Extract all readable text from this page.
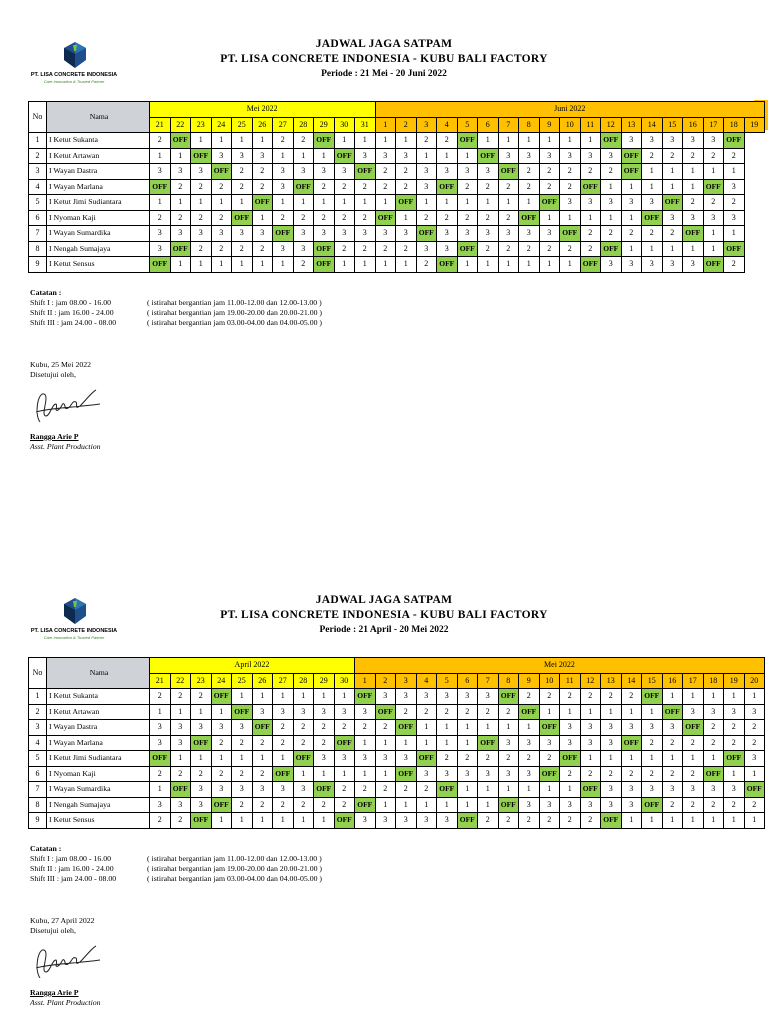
PT. LISA CONCRETE INDONESIA
Care Innovation & Trusted Partner
JADWAL JAGA SATPAM
PT. LISA CONCRETE INDONESIA - KUBU BALI FACTORY
Periode : 21 Mei - 20 Juni 2022
No	Nama	Mei 2022											Juni 2022																		
		21	22	23	24	25	26	27	28	29	30	31	1	2	3	4	5	6	7	8	9	10	11	12	13	14	15	16	17	18	19
1	I Ketut Sukanta	2	OFF	1	1	1	1	2	2	OFF	1	1	1	1	2	2	OFF	1	1	1	1	1	1	OFF	3	3	3	3	3	OFF	
2	I Ketut Artawan	1	1	OFF	3	3	3	1	1	1	OFF	3	3	3	1	1	1	OFF	3	3	3	3	3	3	OFF	2	2	2	2	2	
3	I Wayan Dastra	3	3	3	OFF	2	2	3	3	3	3	OFF	2	2	3	3	3	3	OFF	2	2	2	2	2	OFF	1	1	1	1	1	
4	I Wayan Marlana	OFF	2	2	2	2	2	3	OFF	2	2	2	2	2	3	OFF	2	2	2	2	2	2	OFF	1	1	1	1	1	OFF	3	
5	I Ketut Jimi Sudiantara	1	1	1	1	1	OFF	1	1	1	1	1	1	OFF	1	1	1	1	1	1	OFF	3	3	3	3	3	OFF	2	2	2	
6	I Nyoman Kaji	2	2	2	2	OFF	1	2	2	2	2	2	OFF	1	2	2	2	2	2	OFF	1	1	1	1	1	OFF	3	3	3	3	
7	I Wayan Sumardika	3	3	3	3	3	3	OFF	3	3	3	3	3	3	OFF	3	3	3	3	3	3	OFF	2	2	2	2	2	OFF	1	1	
8	I Nengah Sumajaya	3	OFF	2	2	2	2	3	3	OFF	2	2	2	2	3	3	OFF	2	2	2	2	2	2	OFF	1	1	1	1	1	OFF	
9	I Ketut Sensus	OFF	1	1	1	1	1	1	2	OFF	1	1	1	1	2	OFF	1	1	1	1	1	1	OFF	3	3	3	3	3	OFF	2	
Catatan :
Shift I : jam 08.00 - 16.00	( istirahat bergantian jam 11.00-12.00 dan 12.00-13.00 )
Shift II : jam 16.00 - 24.00	( istirahat bergantian jam 19.00-20.00 dan 20.00-21.00 )
Shift III : jam 24.00 - 08.00	( istirahat bergantian jam 03.00-04.00 dan 04.00-05.00 )
Kubu, 25 Mei 2022
Disetujui oleh,
Rangga Arie P
Asst. Plant Production
PT. LISA CONCRETE INDONESIA
Care Innovation & Trusted Partner
JADWAL JAGA SATPAM
PT. LISA CONCRETE INDONESIA - KUBU BALI FACTORY
Periode : 21 April - 20 Mei 2022
No	Nama	April 2022										Mei 2022																			
		21	22	23	24	25	26	27	28	29	30	1	2	3	4	5	6	7	8	9	10	11	12	13	14	15	16	17	18	19	20
1	I Ketut Sukanta	2	2	2	OFF	1	1	1	1	1	1	OFF	3	3	3	3	3	3	OFF	2	2	2	2	2	2	OFF	1	1	1	1	1
2	I Ketut Artawan	1	1	1	1	OFF	3	3	3	3	3	3	OFF	2	2	2	2	2	2	OFF	1	1	1	1	1	1	OFF	3	3	3	3
3	I Wayan Dastra	3	3	3	3	3	OFF	2	2	2	2	2	2	OFF	1	1	1	1	1	1	OFF	3	3	3	3	3	3	OFF	2	2	2
4	I Wayan Marlana	3	3	OFF	2	2	2	2	2	2	OFF	1	1	1	1	1	1	OFF	3	3	3	3	3	3	OFF	2	2	2	2	2	2
5	I Ketut Jimi Sudiantara	OFF	1	1	1	1	1	1	OFF	3	3	3	3	3	OFF	2	2	2	2	2	2	OFF	1	1	1	1	1	1	1	OFF	3
6	I Nyoman Kaji	2	2	2	2	2	2	OFF	1	1	1	1	1	OFF	3	3	3	3	3	3	OFF	2	2	2	2	2	2	2	OFF	1	1
7	I Wayan Sumardika	1	OFF	3	3	3	3	3	3	OFF	2	2	2	2	2	OFF	1	1	1	1	1	1	OFF	3	3	3	3	3	3	3	OFF
8	I Nengah Sumajaya	3	3	3	OFF	2	2	2	2	2	2	OFF	1	1	1	1	1	1	OFF	3	3	3	3	3	3	OFF	2	2	2	2	2
9	I Ketut Sensus	2	2	OFF	1	1	1	1	1	1	OFF	3	3	3	3	3	OFF	2	2	2	2	2	2	OFF	1	1	1	1	1	1	1
Catatan :
Shift I : jam 08.00 - 16.00	( istirahat bergantian jam 11.00-12.00 dan 12.00-13.00 )
Shift II : jam 16.00 - 24.00	( istirahat bergantian jam 19.00-20.00 dan 20.00-21.00 )
Shift III : jam 24.00 - 08.00	( istirahat bergantian jam 03.00-04.00 dan 04.00-05.00 )
Kubu, 27 April 2022
Disetujui oleh,
Rangga Arie P
Asst. Plant Production
